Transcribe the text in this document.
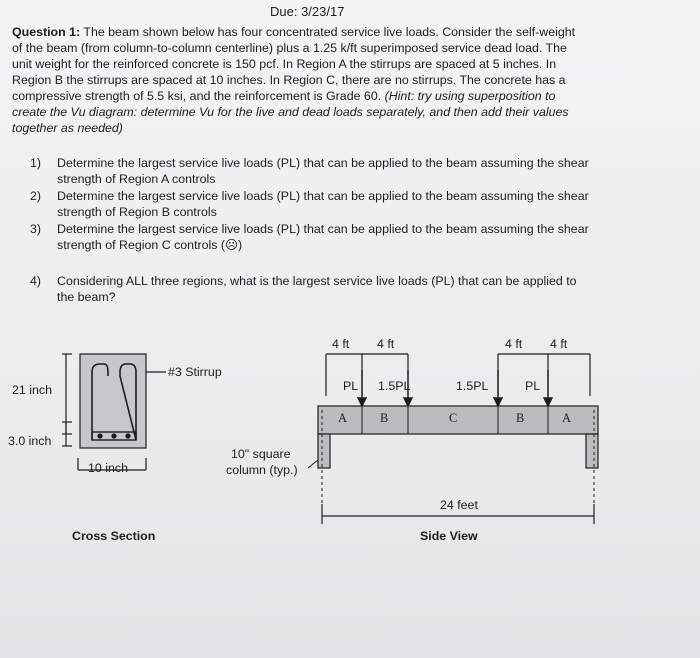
Due: 3/23/17
Question 1: The beam shown below has four concentrated service live loads. Consider the self-weight
of the beam (from column-to-column centerline) plus a 1.25 k/ft superimposed service dead load. The
unit weight for the reinforced concrete is 150 pcf. In Region A the stirrups are spaced at 5 inches. In
Region B the stirrups are spaced at 10 inches. In Region C, there are no stirrups. The concrete has a
compressive strength of 5.5 ksi, and the reinforcement is Grade 60. (Hint: try using superposition to
create the Vu diagram: determine Vu for the live and dead loads separately, and then add their values
together as needed)
1) Determine the largest service live loads (PL) that can be applied to the beam assuming the shear
strength of Region A controls
2) Determine the largest service live loads (PL) that can be applied to the beam assuming the shear
strength of Region B controls
3) Determine the largest service live loads (PL) that can be applied to the beam assuming the shear
strength of Region C controls (☹)
4) Considering ALL three regions, what is the largest service live loads (PL) that can be applied to
the beam?
21 inch
3.0 inch
10 inch
#3 Stirrup
Cross Section
4 ft 4 ft	4 ft 4 ft
PL 1.5PL	1.5PL	PL
A	B	C	B	A
10" square
column (typ.)
24 feet
Side View
